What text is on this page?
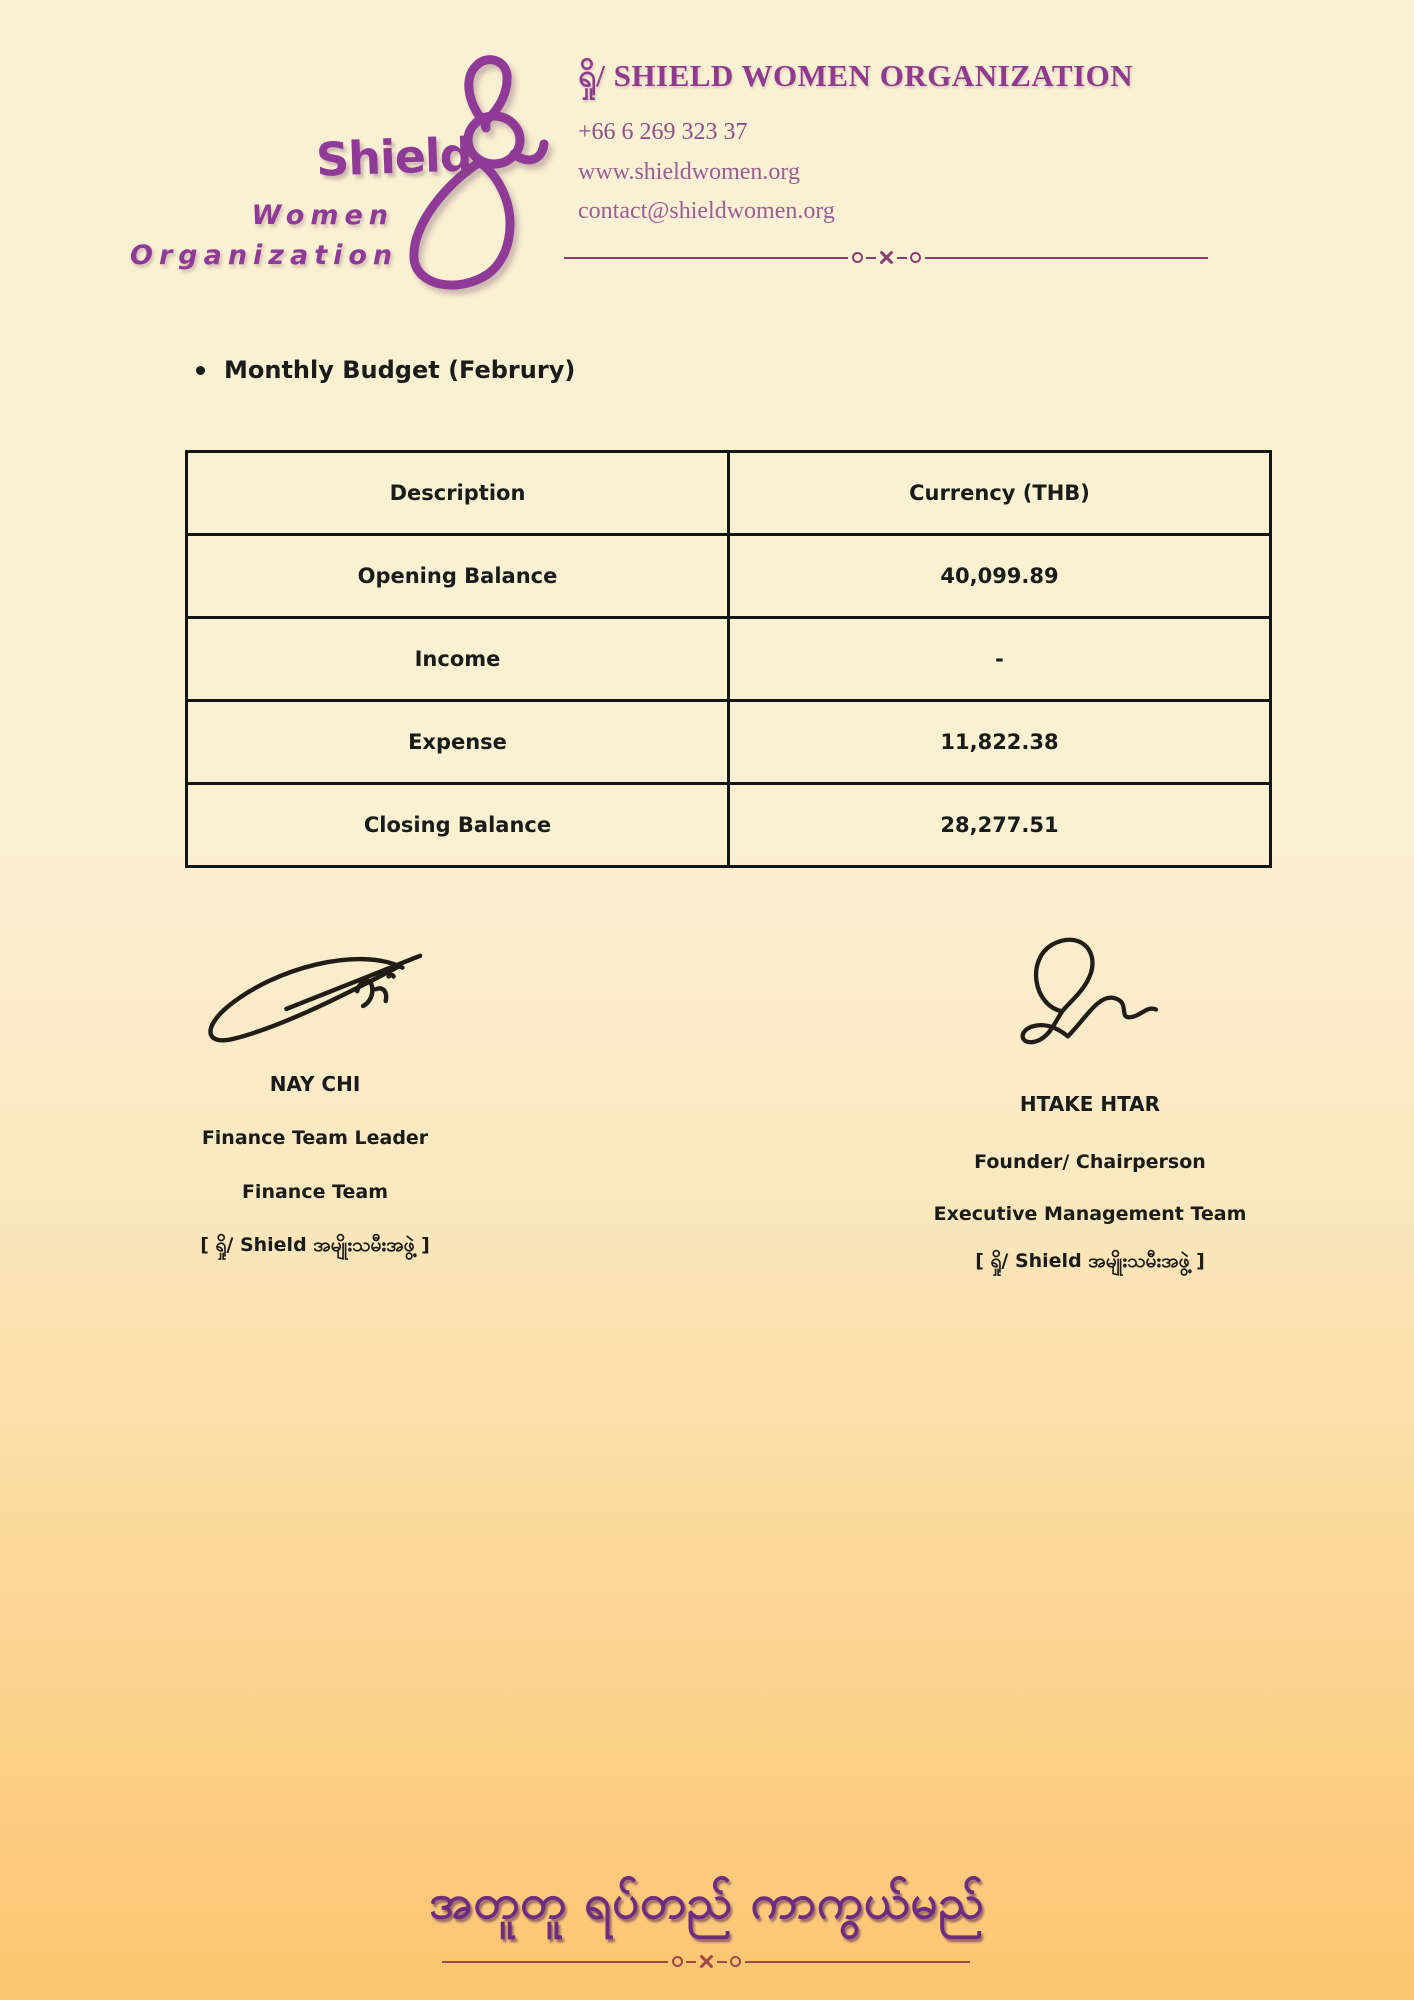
Shield
Women
Organization
ရှို/ SHIELD WOMEN ORGANIZATION
+66 6 269 323 37
www.shieldwomen.org
contact@shieldwomen.org
Monthly Budget (Februry)
Description	Currency (THB)
Opening Balance	40,099.89
Income	-
Expense	11,822.38
Closing Balance	28,277.51
NAY CHI
Finance Team Leader
Finance Team
[ ရှို/ Shield အမျိုးသမီးအဖွဲ့ ]
HTAKE HTAR
Founder/ Chairperson
Executive Management Team
[ ရှို/ Shield အမျိုးသမီးအဖွဲ့ ]
အတူတူ ရပ်တည် ကာကွယ်မည်
